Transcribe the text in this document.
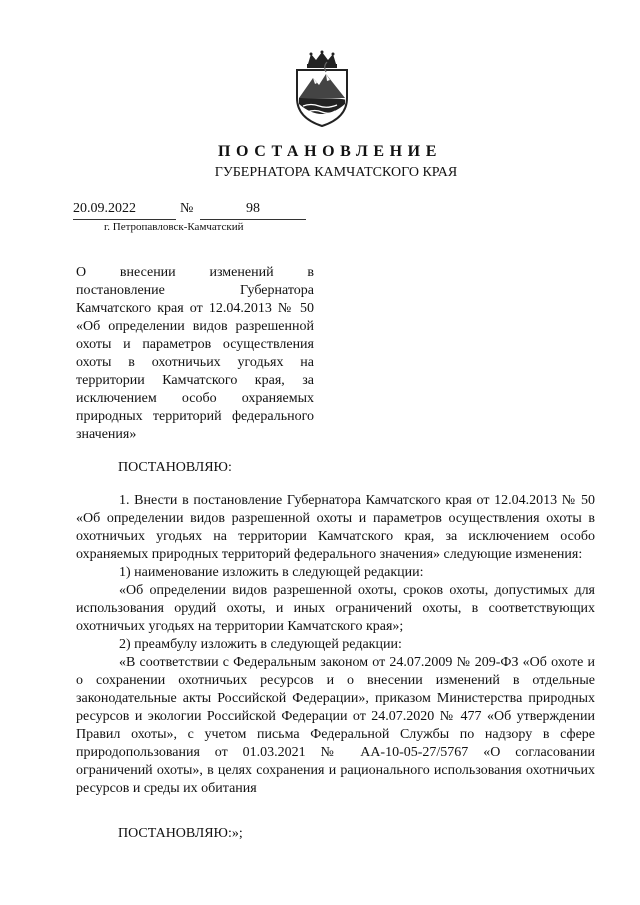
ПОСТАНОВЛЕНИЕ
ГУБЕРНАТОРА КАМЧАТСКОГО КРАЯ
20.09.2022	№	98
г. Петропавловск-Камчатский
О внесении изменений в постановление Губернатора Камчатского края от 12.04.2013 № 50 «Об определении видов разрешенной охоты и параметров осуществления охоты в охотничьих угодьях на территории Камчатского края, за исключением особо охраняемых природных территорий федерального значения»
ПОСТАНОВЛЯЮ:

1. Внести в постановление Губернатора Камчатского края от 12.04.2013 № 50 «Об определении видов разрешенной охоты и параметров осуществления охоты в охотничьих угодьях на территории Камчатского края, за исключением особо охраняемых природных территорий федерального значения» следующие изменения:

1) наименование изложить в следующей редакции:

«Об определении видов разрешенной охоты, сроков охоты, допустимых для использования орудий охоты, и иных ограничений охоты, в соответствующих охотничьих угодьях на территории Камчатского края»;

2) преамбулу изложить в следующей редакции:

«В соответствии с Федеральным законом от 24.07.2009 № 209-ФЗ «Об охоте и о сохранении охотничьих ресурсов и о внесении изменений в отдельные законодательные акты Российской Федерации», приказом Министерства природных ресурсов и экологии Российской Федерации от 24.07.2020 № 477 «Об утверждении Правил охоты», с учетом письма Федеральной Службы по надзору в сфере природопользования от 01.03.2021 № АА-10-05-27/5767 «О согласовании ограничений охоты», в целях сохранения и рационального использования охотничьих ресурсов и среды их обитания

ПОСТАНОВЛЯЮ:»;
